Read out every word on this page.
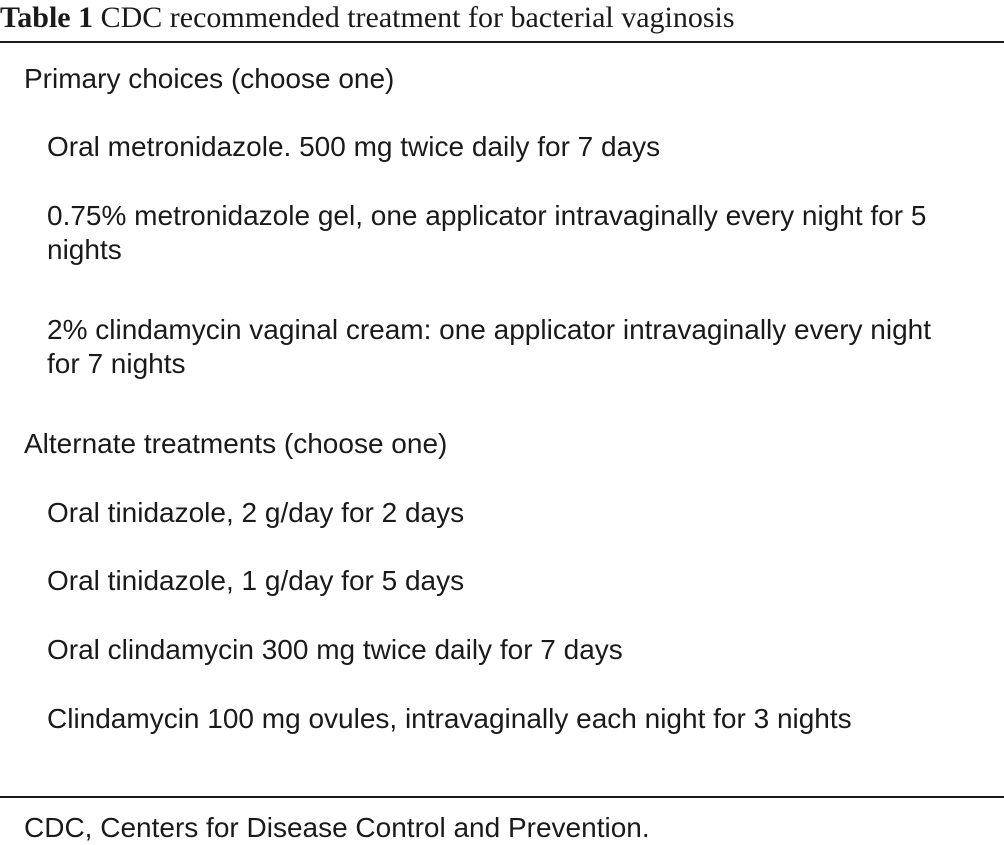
Table 1 CDC recommended treatment for bacterial vaginosis
Primary choices (choose one)
Oral metronidazole. 500 mg twice daily for 7 days
0.75% metronidazole gel, one applicator intravaginally every night for 5 nights
2% clindamycin vaginal cream: one applicator intravaginally every night for 7 nights
Alternate treatments (choose one)
Oral tinidazole, 2 g/day for 2 days
Oral tinidazole, 1 g/day for 5 days
Oral clindamycin 300 mg twice daily for 7 days
Clindamycin 100 mg ovules, intravaginally each night for 3 nights
CDC, Centers for Disease Control and Prevention.
